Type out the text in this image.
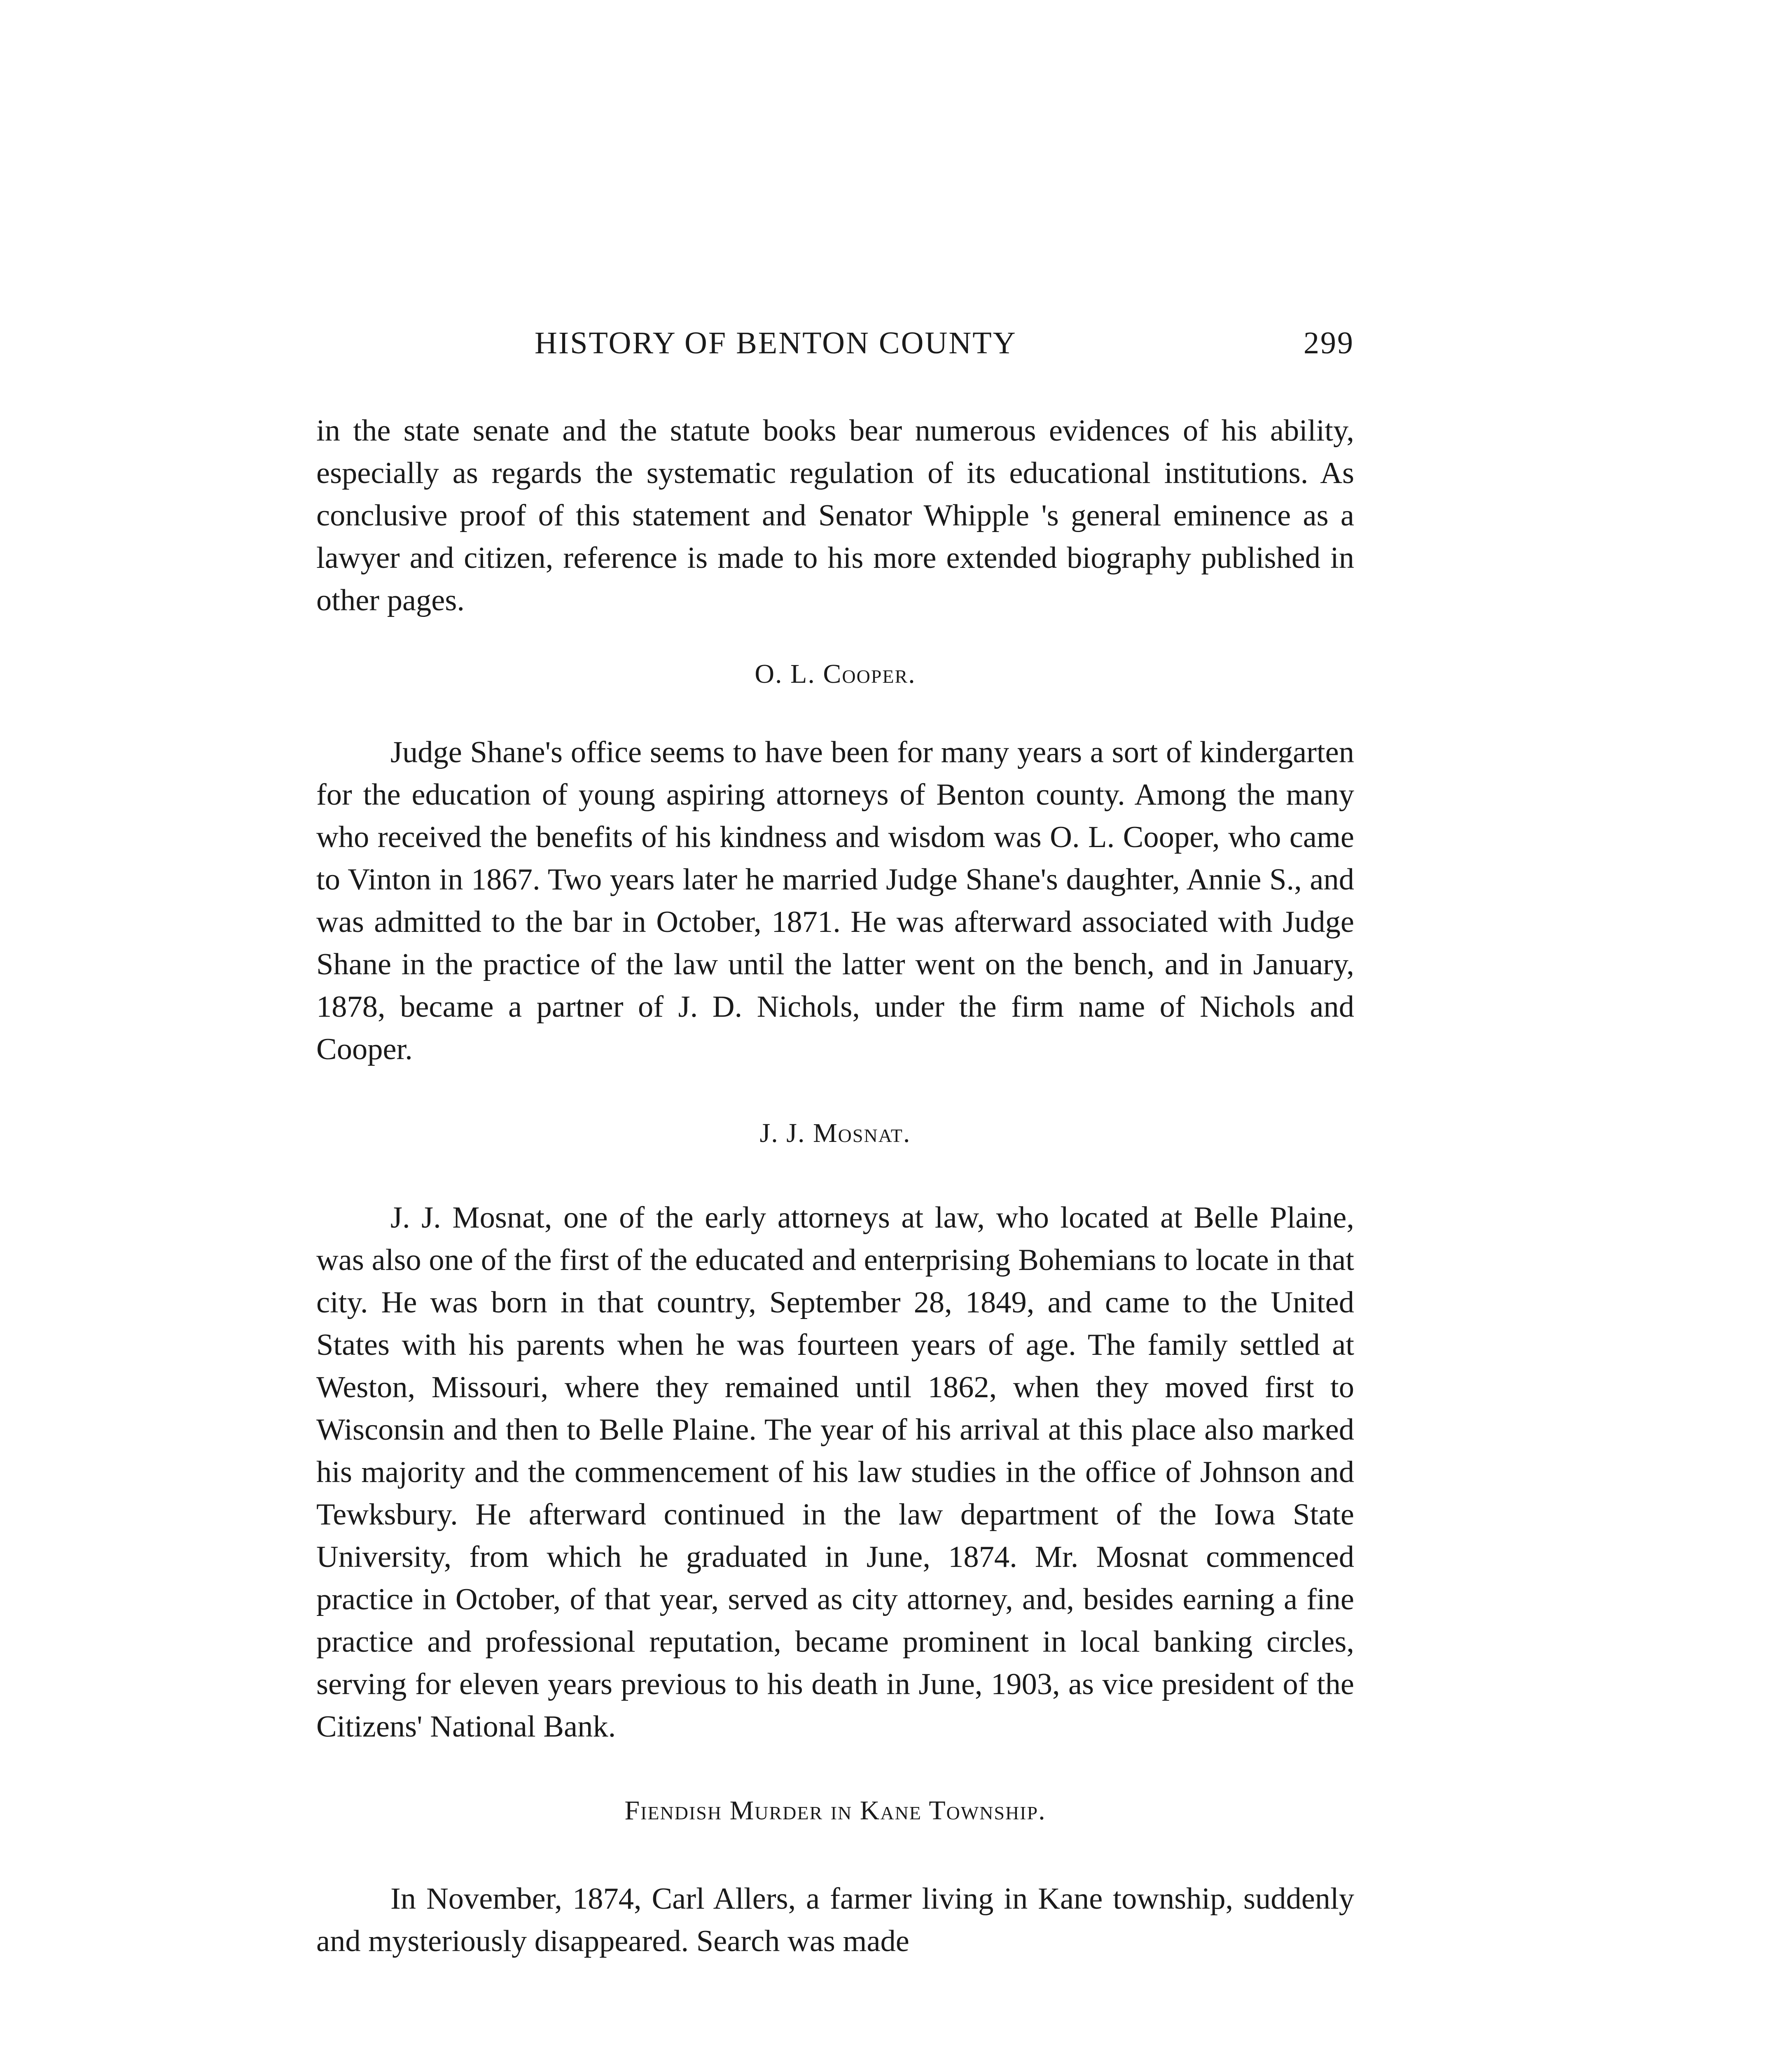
HISTORY OF BENTON COUNTY	299

in the state senate and the statute books bear numerous evidences of his ability, especially as regards the systematic regulation of its educational institutions. As conclusive proof of this statement and Senator Whipple 's general eminence as a lawyer and citizen, reference is made to his more extended biography published in other pages.

O. L. Cooper.

Judge Shane's office seems to have been for many years a sort of kindergarten for the education of young aspiring attorneys of Benton county. Among the many who received the benefits of his kindness and wisdom was O. L. Cooper, who came to Vinton in 1867. Two years later he married Judge Shane's daughter, Annie S., and was admitted to the bar in October, 1871. He was afterward associated with Judge Shane in the practice of the law until the latter went on the bench, and in January, 1878, became a partner of J. D. Nichols, under the firm name of Nichols and Cooper.

J. J. Mosnat.

J. J. Mosnat, one of the early attorneys at law, who located at Belle Plaine, was also one of the first of the educated and enterprising Bohemians to locate in that city. He was born in that country, September 28, 1849, and came to the United States with his parents when he was fourteen years of age. The family settled at Weston, Missouri, where they remained until 1862, when they moved first to Wisconsin and then to Belle Plaine. The year of his arrival at this place also marked his majority and the commencement of his law studies in the office of Johnson and Tewksbury. He afterward continued in the law department of the Iowa State University, from which he graduated in June, 1874. Mr. Mosnat commenced practice in October, of that year, served as city attorney, and, besides earning a fine practice and professional reputation, became prominent in local banking circles, serving for eleven years previous to his death in June, 1903, as vice president of the Citizens' National Bank.

Fiendish Murder in Kane Township.

In November, 1874, Carl Allers, a farmer living in Kane township, suddenly and mysteriously disappeared. Search was made
